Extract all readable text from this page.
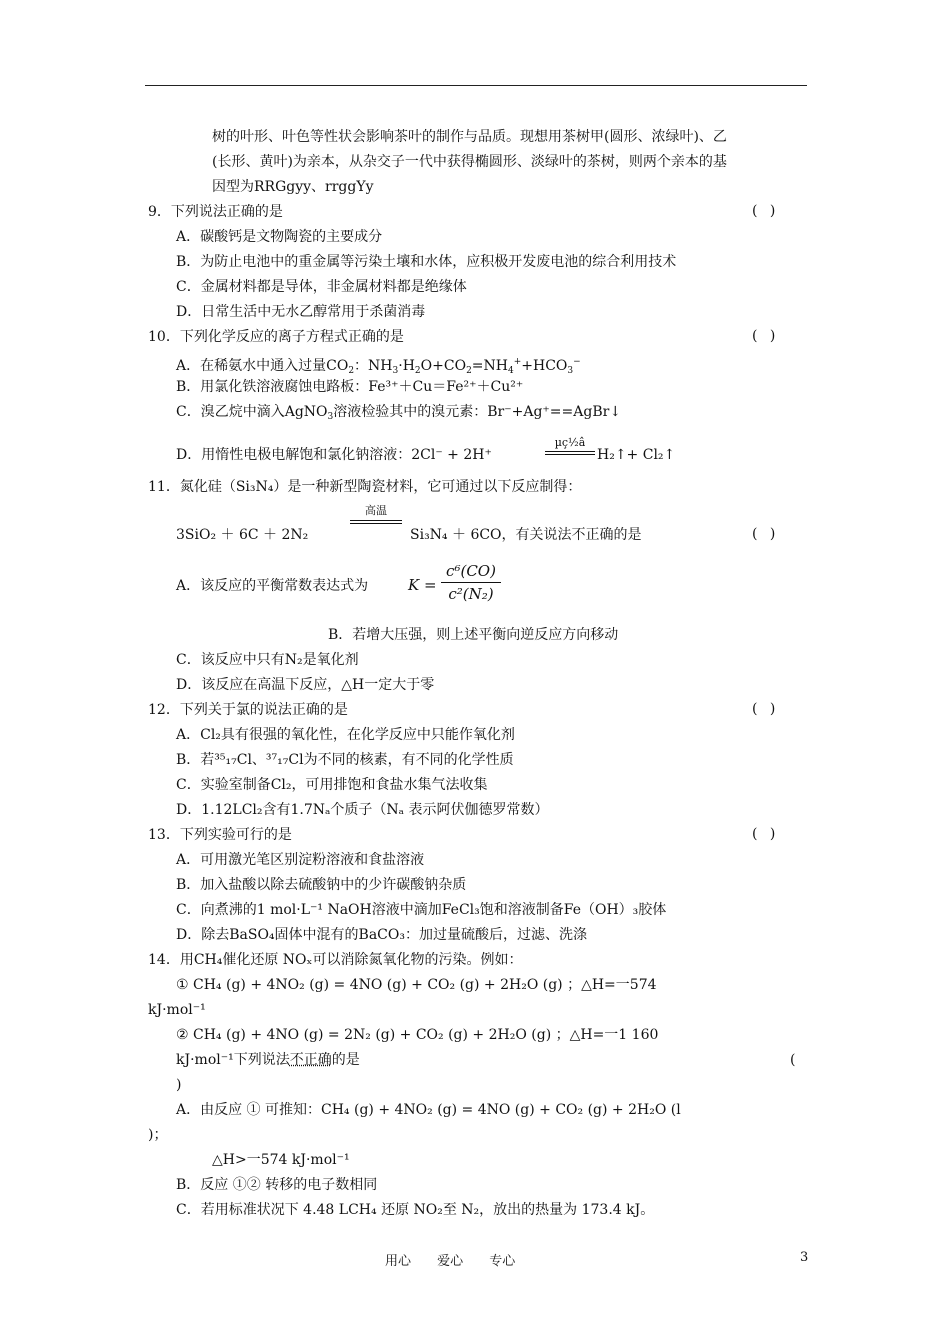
树的叶形、叶色等性状会影响茶叶的制作与品质。现想用茶树甲(圆形、浓绿叶)、乙
(长形、黄叶)为亲本，从杂交子一代中获得椭圆形、淡绿叶的茶树，则两个亲本的基
因型为RRGgyy、rrggYy
9．下列说法正确的是	( )
A．碳酸钙是文物陶瓷的主要成分
B．为防止电池中的重金属等污染土壤和水体，应积极开发废电池的综合利用技术
C．金属材料都是导体，非金属材料都是绝缘体
D．日常生活中无水乙醇常用于杀菌消毒
10．下列化学反应的离子方程式正确的是	( )
A．在稀氨水中通入过量$CO_2$：$NH_3\cdot H_2O+CO_2=NH_4^++HCO_3^-$
B．用氯化铁溶液腐蚀电路板：Fe³⁺＋Cu＝Fe²⁺＋Cu²⁺
C．溴乙烷中滴入AgNO$_3$溶液检验其中的溴元素：Br⁻+Ag⁺==AgBr↓
D．用惰性电极电解饱和氯化钠溶液：2Cl⁻ + 2H⁺
µç½â
H₂↑+ Cl₂↑
11．氮化硅（Si₃N₄）是一种新型陶瓷材料，它可通过以下反应制得：
高温
3SiO₂ ＋ 6C ＋ 2N₂	Si₃N₄ ＋ 6CO，有关说法不正确的是	( )
A．该反应的平衡常数表达式为	K =
c⁶(CO)
c²(N₂)
B．若增大压强，则上述平衡向逆反应方向移动
C．该反应中只有N₂是氧化剂
D．该反应在高温下反应，△H一定大于零
12．下列关于氯的说法正确的是	( )
A．Cl₂具有很强的氧化性，在化学反应中只能作氧化剂
B．若³⁵₁₇Cl、³⁷₁₇Cl为不同的核素，有不同的化学性质
C．实验室制备Cl₂，可用排饱和食盐水集气法收集
D．1.12LCl₂含有1.7Nₐ个质子（Nₐ 表示阿伏伽德罗常数）
13．下列实验可行的是	( )
A．可用激光笔区别淀粉溶液和食盐溶液
B．加入盐酸以除去硫酸钠中的少许碳酸钠杂质
C．向煮沸的1 mol·L⁻¹ NaOH溶液中滴加FeCl₃饱和溶液制备Fe（OH）₃胶体
D．除去BaSO₄固体中混有的BaCO₃：加过量硫酸后，过滤、洗涤
14．用CH₄催化还原 NOₓ可以消除氮氧化物的污染。例如：
① CH₄ (g) + 4NO₂ (g) = 4NO (g) + CO₂ (g) + 2H₂O (g) ；△H=一574
kJ·mol⁻¹
② CH₄ (g) + 4NO (g) = 2N₂ (g) + CO₂ (g) + 2H₂O (g) ；△H=一1 160
kJ·mol⁻¹下列说法不正确的是	(
)
A．由反应 ① 可推知：CH₄ (g) + 4NO₂ (g) = 4NO (g) + CO₂ (g) + 2H₂O (l
)；
△H>一574 kJ·mol⁻¹
B．反应 ①② 转移的电子数相同
C．若用标准状况下 4.48 LCH₄ 还原 NO₂至 N₂，放出的热量为 173.4 kJ。
用心 爱心 专心	3
